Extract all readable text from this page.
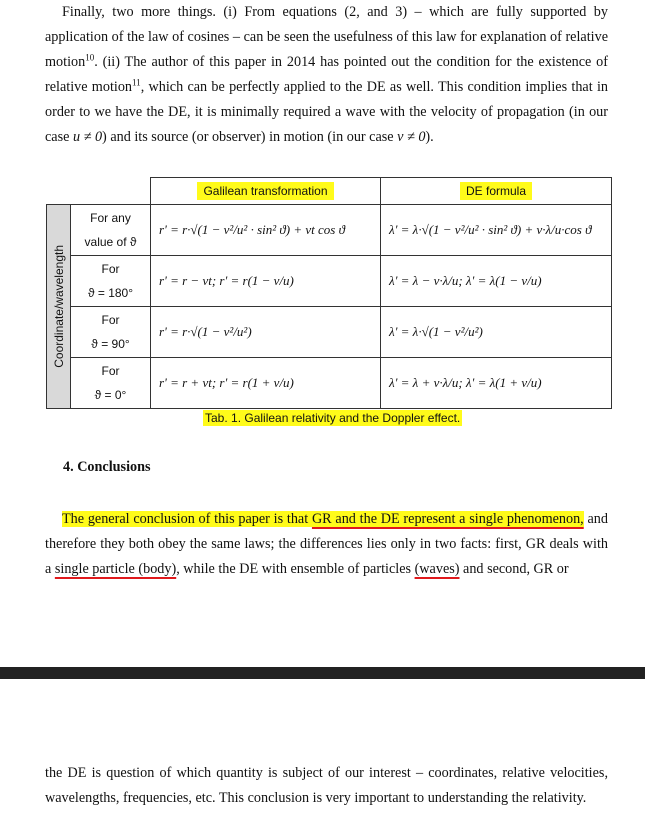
Finally, two more things. (i) From equations (2, and 3) – which are fully supported by application of the law of cosines – can be seen the usefulness of this law for explanation of relative motion$^{10}$. (ii) The author of this paper in 2014 has pointed out the condition for the existence of relative motion$^{11}$, which can be perfectly applied to the DE as well. This condition implies that in order to we have the DE, it is minimally required a wave with the velocity of propagation (in our case u ≠ 0) and its source (or observer) in motion (in our case v ≠ 0).

		Galilean transformation	DE formula

Coordinate/wavelength	For any
value of ϑ	r' = r·√(1 − v²/u² · sin² ϑ) + vt cos ϑ	λ' = λ·√(1 − v²/u² · sin² ϑ) + v·λ/u·cos ϑ

	For
ϑ = 180°	r' = r − vt; r' = r(1 − v/u)	λ' = λ − v·λ/u; λ' = λ(1 − v/u)

	For
ϑ = 90°	r' = r·√(1 − v²/u²)	λ' = λ·√(1 − v²/u²)

	For
ϑ = 0°	r' = r + vt; r' = r(1 + v/u)	λ' = λ + v·λ/u; λ' = λ(1 + v/u)
Tab. 1. Galilean relativity and the Doppler effect.
4. Conclusions

The general conclusion of this paper is that GR and the DE represent a single phenomenon, and therefore they both obey the same laws; the differences lies only in two facts: first, GR deals with a single particle (body), while the DE with ensemble of particles (waves) and second, GR or

the DE is question of which quantity is subject of our interest – coordinates, relative velocities, wavelengths, frequencies, etc. This conclusion is very important to understanding the relativity.
